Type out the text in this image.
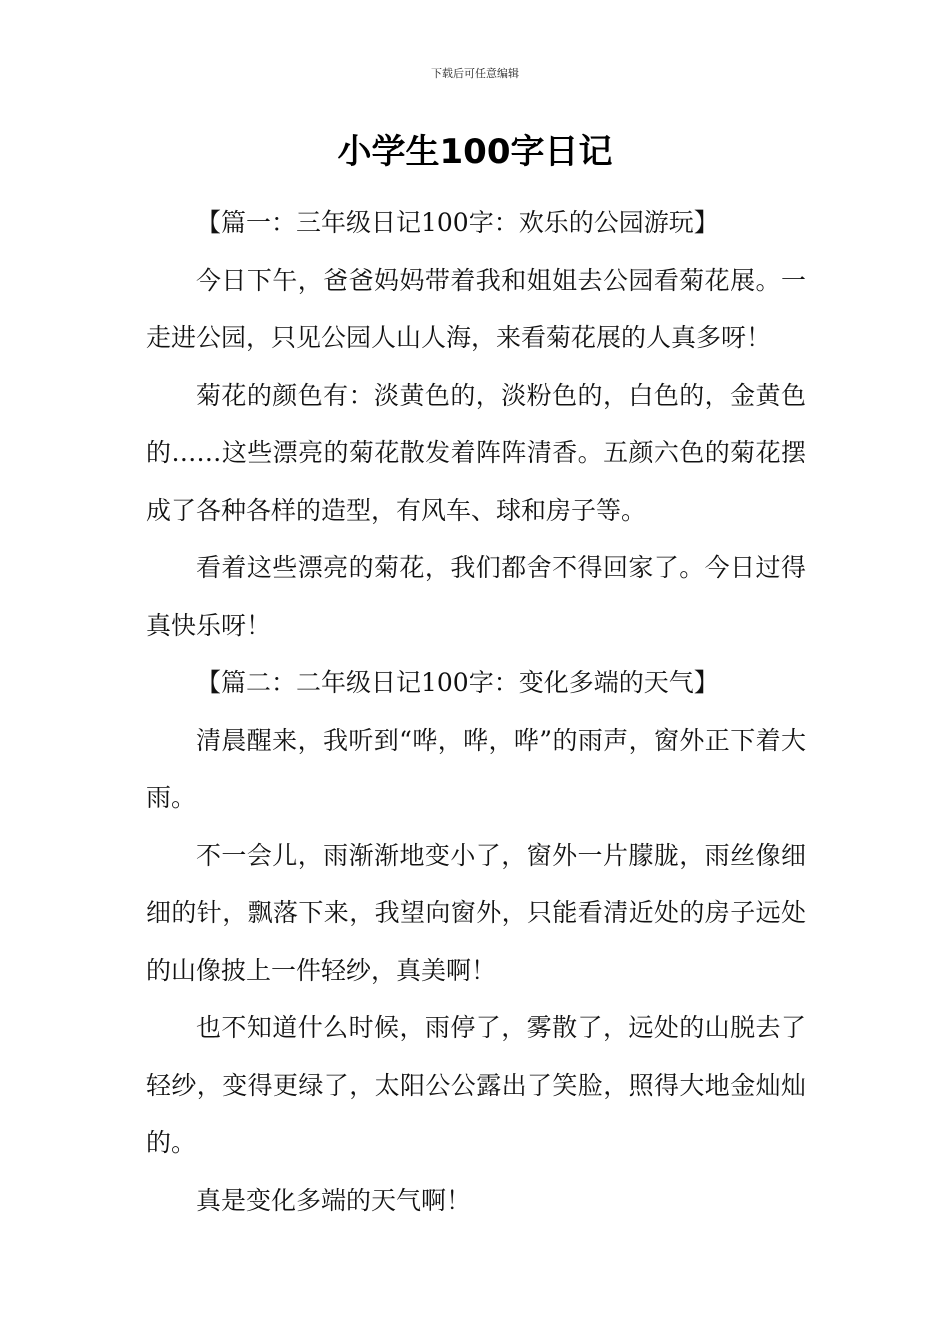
下载后可任意编辑
小学生100字日记

【篇一：三年级日记100字：欢乐的公园游玩】

今日下午，爸爸妈妈带着我和姐姐去公园看菊花展。一走进公园，只见公园人山人海，来看菊花展的人真多呀！

菊花的颜色有：淡黄色的，淡粉色的，白色的，金黄色的……这些漂亮的菊花散发着阵阵清香。五颜六色的菊花摆成了各种各样的造型，有风车、球和房子等。

看着这些漂亮的菊花，我们都舍不得回家了。今日过得真快乐呀！

【篇二：二年级日记100字：变化多端的天气】

清晨醒来，我听到“哗，哗，哗”的雨声，窗外正下着大雨。

不一会儿，雨渐渐地变小了，窗外一片朦胧，雨丝像细细的针，飘落下来，我望向窗外，只能看清近处的房子远处的山像披上一件轻纱，真美啊！

也不知道什么时候，雨停了，雾散了，远处的山脱去了轻纱，变得更绿了，太阳公公露出了笑脸，照得大地金灿灿的。

真是变化多端的天气啊！
